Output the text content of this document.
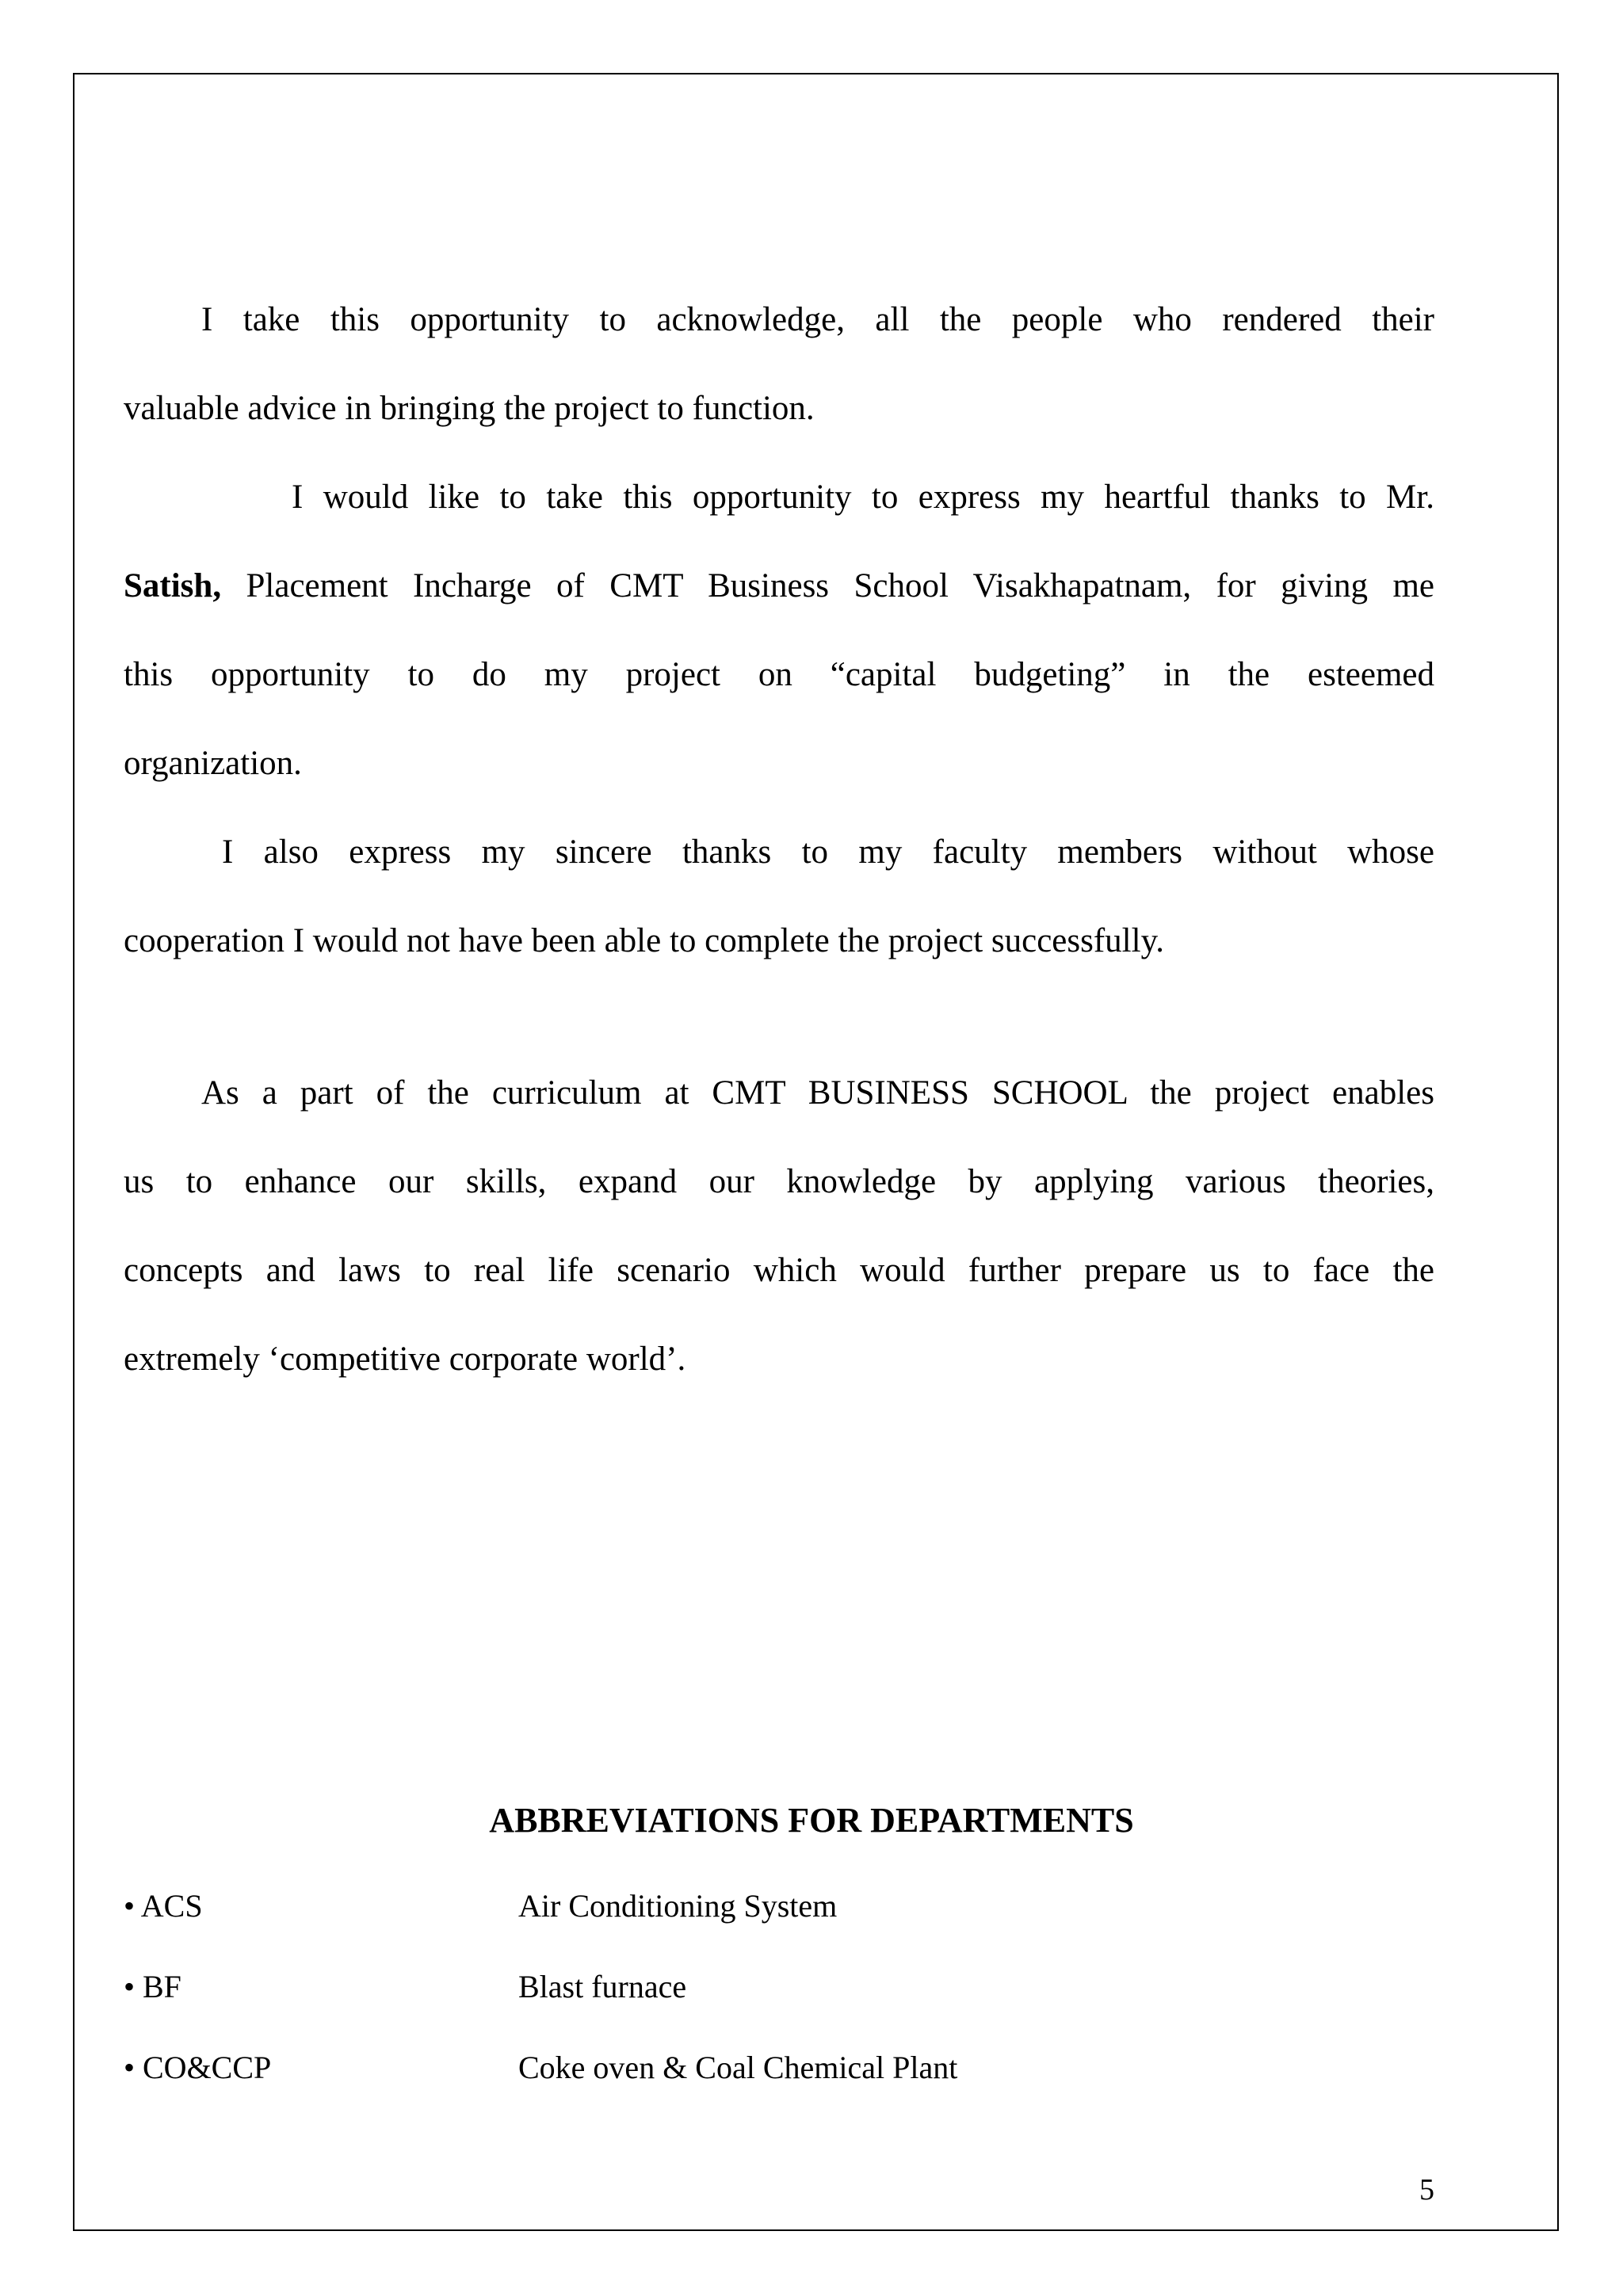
I take this opportunity to acknowledge, all the people who rendered their
valuable advice in bringing the project to function.
I would like to take this opportunity to express my heartful thanks to Mr.
Satish, Placement Incharge of CMT Business School Visakhapatnam, for giving me
this opportunity to do my project on “capital budgeting” in the esteemed
organization.
I also express my sincere thanks to my faculty members without whose
cooperation I would not have been able to complete the project successfully.
As a part of the curriculum at CMT BUSINESS SCHOOL the project enables
us to enhance our skills, expand our knowledge by applying various theories,
concepts and laws to real life scenario which would further prepare us to face the
extremely ‘competitive corporate world’.
ABBREVIATIONS FOR DEPARTMENTS
• ACS	Air Conditioning System
• BF	Blast furnace
• CO&CCP	Coke oven & Coal Chemical Plant
5
